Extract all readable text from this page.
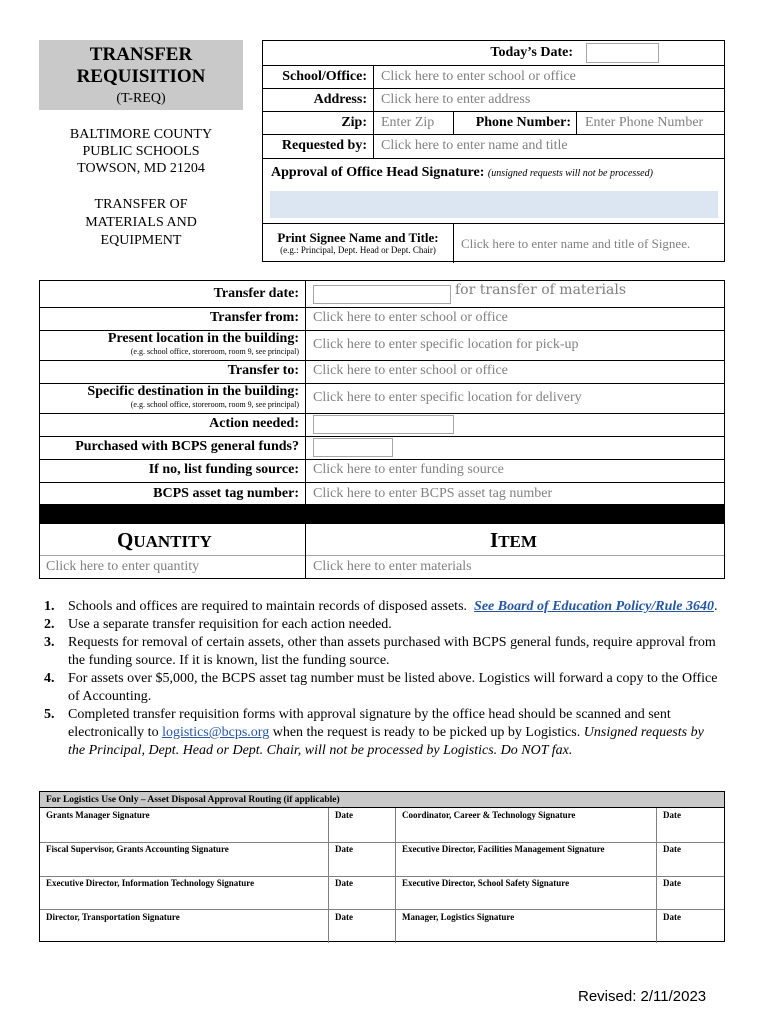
TRANSFER
REQUISITION
(T-REQ)
BALTIMORE COUNTY
PUBLIC SCHOOLS
TOWSON, MD 21204
TRANSFER OF
MATERIALS AND
EQUIPMENT
Today’s Date:
School/Office: Click here to enter school or office
Address: Click here to enter address
Zip: Enter Zip	Phone Number: Enter Phone Number
Requested by: Click here to enter name and title
Approval of Office Head Signature: (unsigned requests will not be processed)
Print Signee Name and Title:
(e.g.: Principal, Dept. Head or Dept. Chair)	Click here to enter name and title of Signee.
Transfer date:	for transfer of materials
Transfer from: Click here to enter school or office
Present location in the building:
(e.g. school office, storeroom, room 9, see principal) Click here to enter specific location for pick-up
Transfer to: Click here to enter school or office
Specific destination in the building:
(e.g. school office, storeroom, room 9, see principal) Click here to enter specific location for delivery
Action needed:
Purchased with BCPS general funds?
If no, list funding source: Click here to enter funding source
BCPS asset tag number: Click here to enter BCPS asset tag number
QUANTITY	ITEM
Click here to enter quantity	Click here to enter materials
1. Schools and offices are required to maintain records of disposed assets. See Board of Education Policy/Rule 3640.
2. Use a separate transfer requisition for each action needed.
3. Requests for removal of certain assets, other than assets purchased with BCPS general funds, require approval from the funding source. If it is known, list the funding source.
4. For assets over $5,000, the BCPS asset tag number must be listed above. Logistics will forward a copy to the Office of Accounting.
5. Completed transfer requisition forms with approval signature by the office head should be scanned and sent electronically to logistics@bcps.org when the request is ready to be picked up by Logistics. Unsigned requests by the Principal, Dept. Head or Dept. Chair, will not be processed by Logistics. Do NOT fax.
For Logistics Use Only – Asset Disposal Approval Routing (if applicable)
Grants Manager Signature	Date	Coordinator, Career & Technology Signature	Date
Fiscal Supervisor, Grants Accounting Signature	Date	Executive Director, Facilities Management Signature	Date
Executive Director, Information Technology Signature	Date	Executive Director, School Safety Signature	Date
Director, Transportation Signature	Date	Manager, Logistics Signature	Date
Revised: 2/11/2023
